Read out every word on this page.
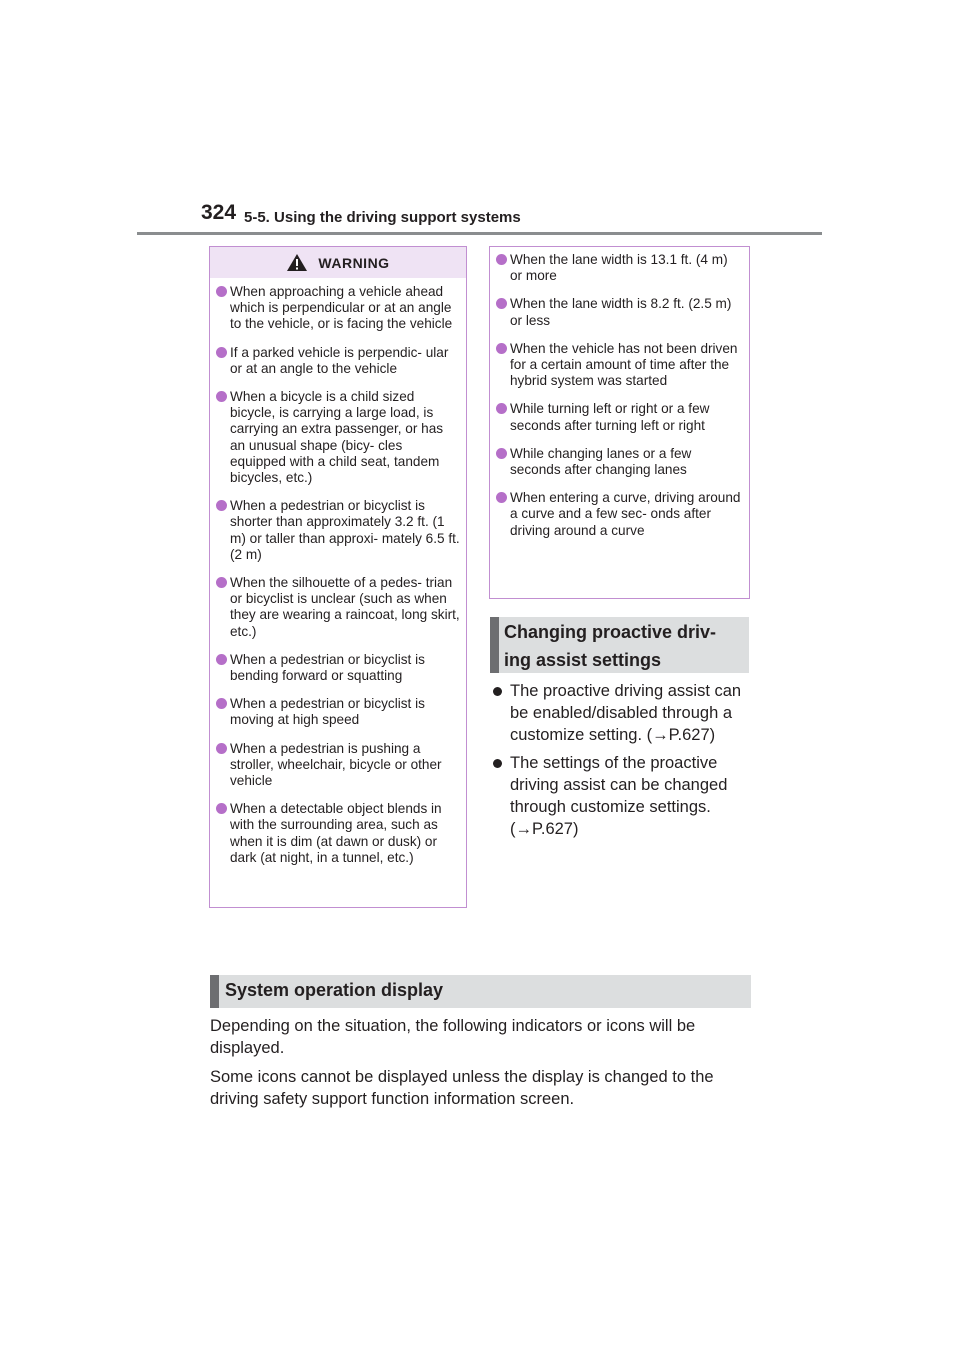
324 5-5. Using the driving support systems
WARNING
When approaching a vehicle ahead which is perpendicular or at an angle to the vehicle, or is facing the vehicle
If a parked vehicle is perpendic- ular or at an angle to the vehicle
When a bicycle is a child sized bicycle, is carrying a large load, is carrying an extra passenger, or has an unusual shape (bicy- cles equipped with a child seat, tandem bicycles, etc.)
When a pedestrian or bicyclist is shorter than approximately 3.2 ft. (1 m) or taller than approxi- mately 6.5 ft. (2 m)
When the silhouette of a pedes- trian or bicyclist is unclear (such as when they are wearing a raincoat, long skirt, etc.)
When a pedestrian or bicyclist is bending forward or squatting
When a pedestrian or bicyclist is moving at high speed
When a pedestrian is pushing a stroller, wheelchair, bicycle or other vehicle
When a detectable object blends in with the surrounding area, such as when it is dim (at dawn or dusk) or dark (at night, in a tunnel, etc.)
When the lane width is 13.1 ft. (4 m) or more
When the lane width is 8.2 ft. (2.5 m) or less
When the vehicle has not been driven for a certain amount of time after the hybrid system was started
While turning left or right or a few seconds after turning left or right
While changing lanes or a few seconds after changing lanes
When entering a curve, driving around a curve and a few sec- onds after driving around a curve
Changing proactive driv-
ing assist settings
The proactive driving assist can be enabled/disabled through a customize setting. (→P.627)
The settings of the proactive driving assist can be changed through customize settings. (→P.627)
System operation display

Depending on the situation, the following indicators or icons will be displayed.

Some icons cannot be displayed unless the display is changed to the driving safety support function information screen.
